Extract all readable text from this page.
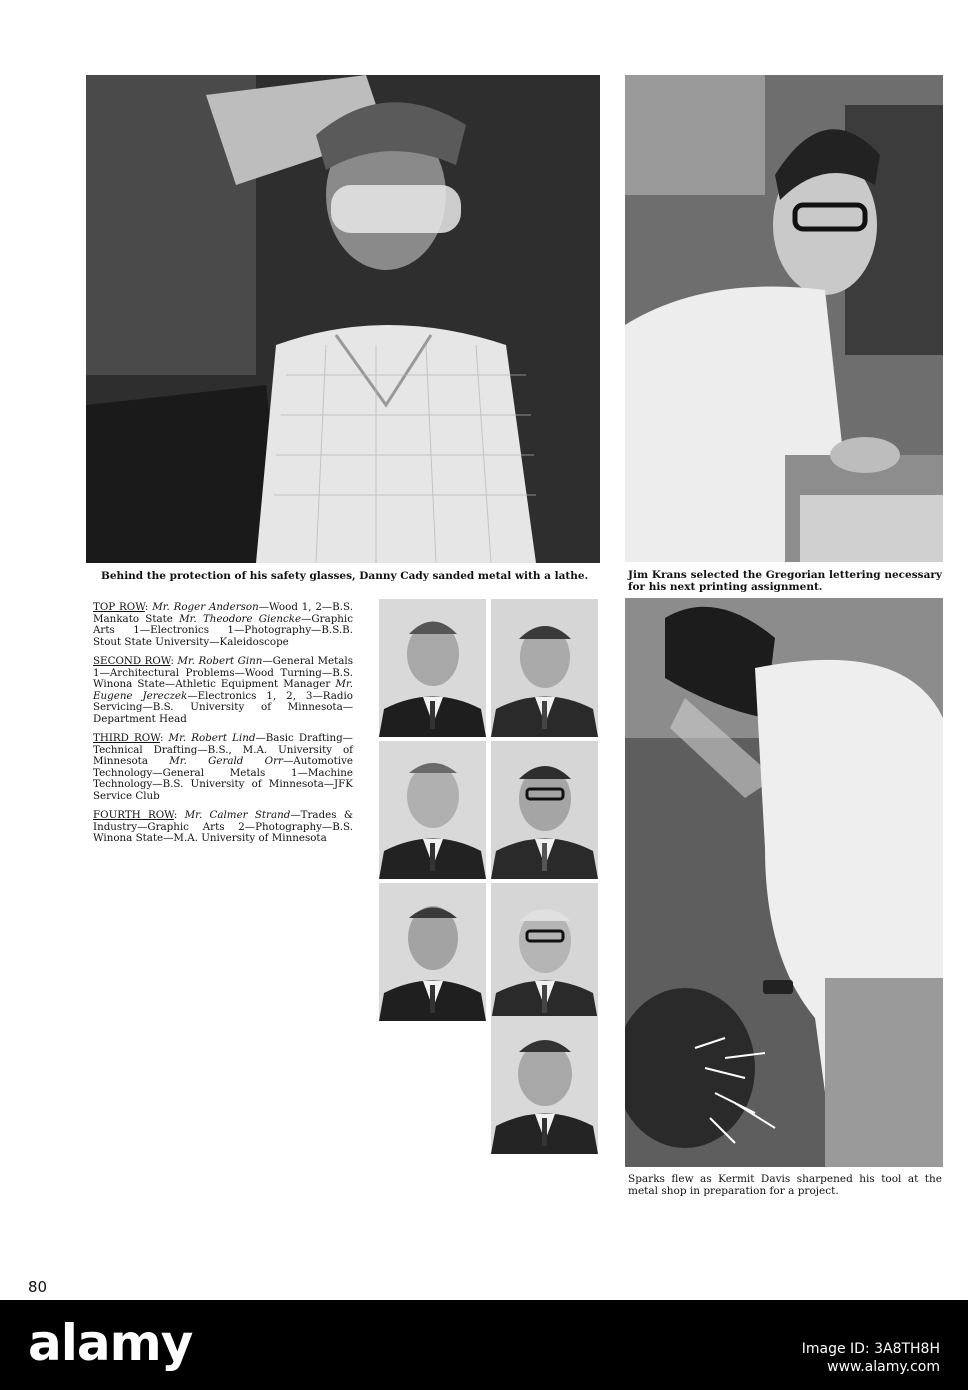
Behind the protection of his safety glasses, Danny Cady sanded metal with a lathe.	Jim Krans selected the Gregorian lettering necessary for his next printing assignment.

TOP ROW: Mr. Roger Anderson—Wood 1, 2—B.S. Mankato State Mr. Theodore Giencke—Graphic Arts 1—Electronics 1—Photography—B.S.B. Stout State University—Kaleidoscope

SECOND ROW: Mr. Robert Ginn—General Metals 1—Architectural Problems—Wood Turning—B.S. Winona State—Athletic Equipment Manager Mr. Eugene Jereczek—Electronics 1, 2, 3—Radio Servicing—B.S. University of Minnesota—Department Head

THIRD ROW: Mr. Robert Lind—Basic Drafting—Technical Drafting—B.S., M.A. University of Minnesota Mr. Gerald Orr—Automotive Technology—General Metals 1—Machine Technology—B.S. University of Minnesota—JFK Service Club

FOURTH ROW: Mr. Calmer Strand—Trades & Industry—Graphic Arts 2—Photography—B.S. Winona State—M.A. University of Minnesota

Sparks flew as Kermit Davis sharpened his tool at the metal shop in preparation for a project.
80
alamy	Image ID: 3A8TH8H
www.alamy.com
